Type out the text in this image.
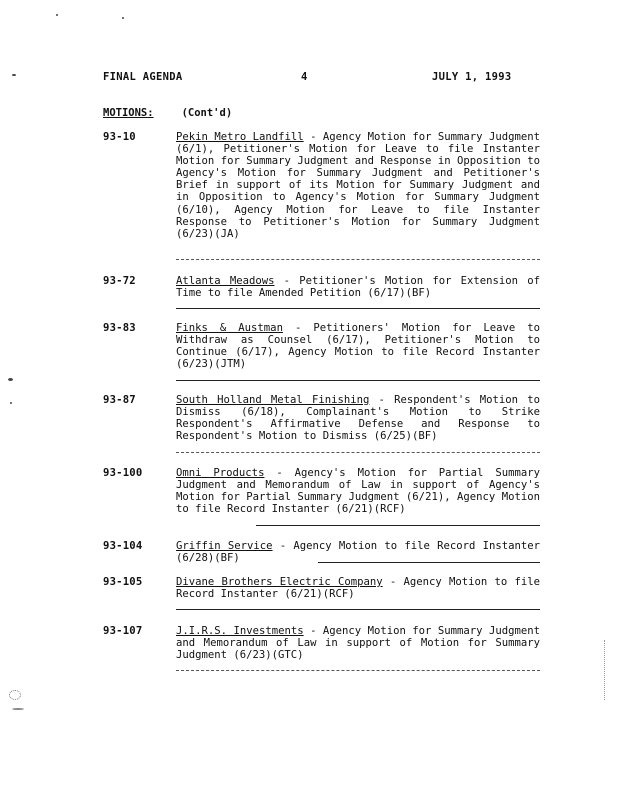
FINAL AGENDA	4	JULY 1, 1993
MOTIONS:	(Cont'd)
93-10	Pekin Metro Landfill - Agency Motion for Summary Judgment (6/1), Petitioner's Motion for Leave to file Instanter Motion for Summary Judgment and Response in Opposition to Agency's Motion for Summary Judgment and Petitioner's Brief in support of its Motion for Summary Judgment and in Opposition to Agency's Motion for Summary Judgment (6/10), Agency Motion for Leave to file Instanter Response to Petitioner's Motion for Summary Judgment (6/23)(JA)
93-72	Atlanta Meadows - Petitioner's Motion for Extension of Time to file Amended Petition (6/17)(BF)
93-83	Finks & Austman - Petitioners' Motion for Leave to Withdraw as Counsel (6/17), Petitioner's Motion to Continue (6/17), Agency Motion to file Record Instanter (6/23)(JTM)
93-87	South Holland Metal Finishing - Respondent's Motion to Dismiss (6/18), Complainant's Motion to Strike Respondent's Affirmative Defense and Response to Respondent's Motion to Dismiss (6/25)(BF)
93-100	Omni Products - Agency's Motion for Partial Summary Judgment and Memorandum of Law in support of Agency's Motion for Partial Summary Judgment (6/21), Agency Motion to file Record Instanter (6/21)(RCF)
93-104	Griffin Service - Agency Motion to file Record Instanter (6/28)(BF)
93-105	Divane Brothers Electric Company - Agency Motion to file Record Instanter (6/21)(RCF)
93-107	J.I.R.S. Investments - Agency Motion for Summary Judgment and Memorandum of Law in support of Motion for Summary Judgment (6/23)(GTC)
